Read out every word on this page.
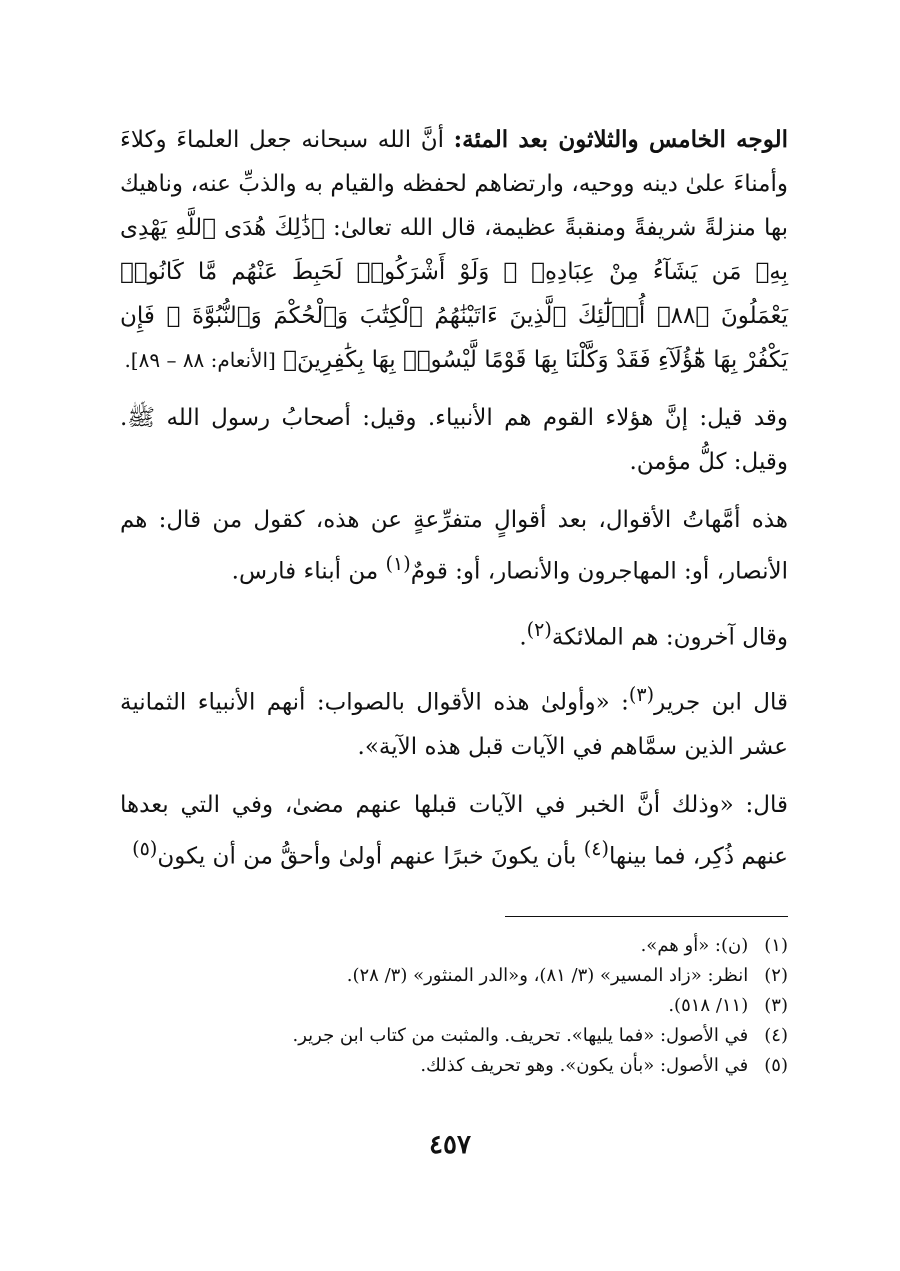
الوجه الخامس والثلاثون بعد المئة: أنَّ الله سبحانه جعل العلماءَ وكلاءَ وأمناءَ علىٰ دينه ووحيه، وارتضاهم لحفظه والقيام به والذبِّ عنه، وناهيك بها منزلةً شريفةً ومنقبةً عظيمة، قال الله تعالىٰ: ﴿ذَٰلِكَ هُدَى ٱللَّهِ يَهْدِى بِهِۦ مَن يَشَآءُ مِنْ عِبَادِهِۦ ۚ وَلَوْ أَشْرَكُوا۟ لَحَبِطَ عَنْهُم مَّا كَانُوا۟ يَعْمَلُونَ ﴿٨٨﴾ أُو۟لَٰٓئِكَ ٱلَّذِينَ ءَاتَيْنَٰهُمُ ٱلْكِتَٰبَ وَٱلْحُكْمَ وَٱلنُّبُوَّةَ ۚ فَإِن يَكْفُرْ بِهَا هَٰٓؤُلَآءِ فَقَدْ وَكَّلْنَا بِهَا قَوْمًا لَّيْسُوا۟ بِهَا بِكَٰفِرِينَ﴾ [الأنعام: ٨٨ – ٨٩].

وقد قيل: إنَّ هؤلاء القوم هم الأنبياء. وقيل: أصحابُ رسول الله ﷺ. وقيل: كلُّ مؤمن.

هذه أمَّهاتُ الأقوال، بعد أقوالٍ متفرِّعةٍ عن هذه، كقول من قال: هم الأنصار، أو: المهاجرون والأنصار، أو: قومٌ$^{(١)}$ من أبناء فارس.

وقال آخرون: هم الملائكة$^{(٢)}$.

قال ابن جرير$^{(٣)}$: «وأولىٰ هذه الأقوال بالصواب: أنهم الأنبياء الثمانية عشر الذين سمَّاهم في الآيات قبل هذه الآية».

قال: «وذلك أنَّ الخبر في الآيات قبلها عنهم مضىٰ، وفي التي بعدها عنهم ذُكِر، فما بينها$^{(٤)}$ بأن يكونَ خبرًا عنهم أولىٰ وأحقُّ من أن يكون$^{(٥)}$

(١) (ن): «أو هم».

(٢) انظر: «زاد المسير» (٣/ ٨١)، و«الدر المنثور» (٣/ ٢٨).

(٣) (١١/ ٥١٨).

(٤) في الأصول: «فما يليها». تحريف. والمثبت من كتاب ابن جرير.

(٥) في الأصول: «بأن يكون». وهو تحريف كذلك.

٤٥٧
